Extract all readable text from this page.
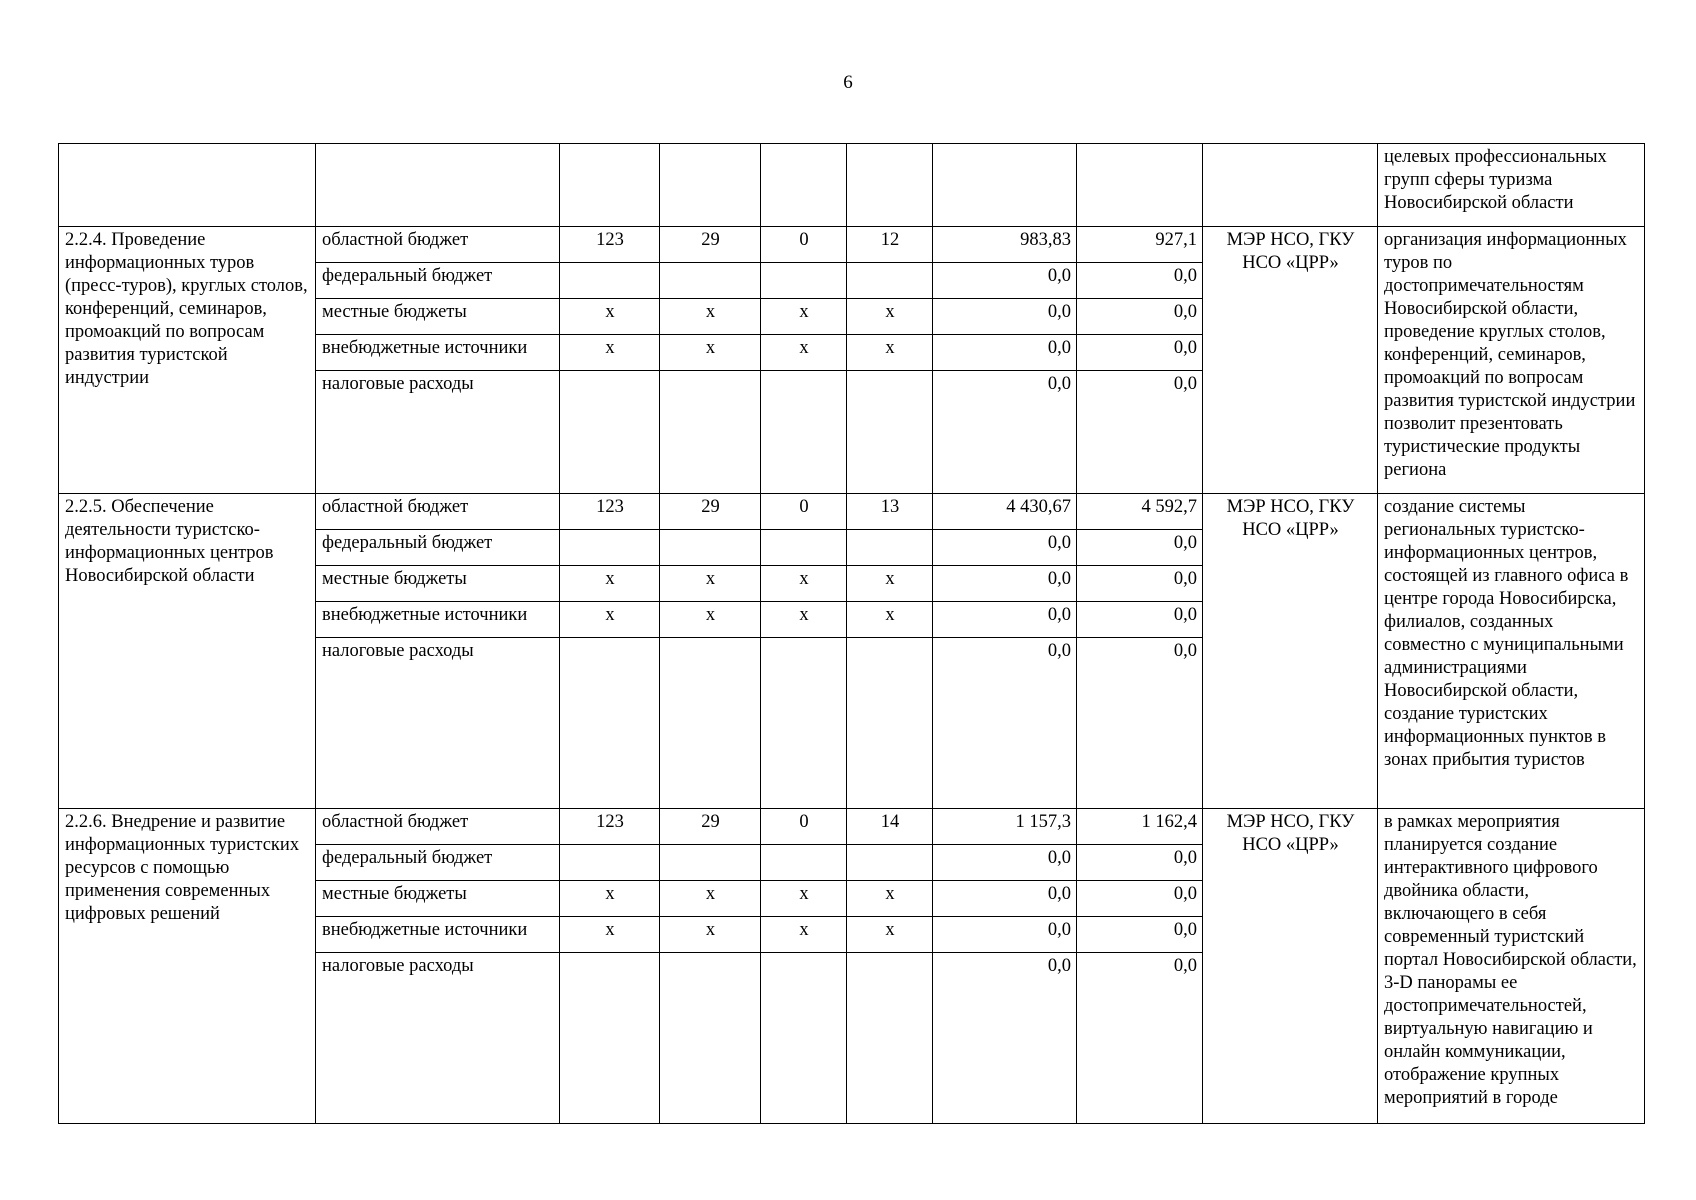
6
									целевых профессиональных групп сферы туризма Новосибирской области
2.2.4. Проведение информационных туров (пресс-туров), круглых столов, конференций, семинаров, промоакций по вопросам развития туристской индустрии	областной бюджет	123	29	0	12	983,83	927,1	МЭР НСО, ГКУ НСО «ЦРР»	организация информационных туров по достопримечательностям Новосибирской области, проведение круглых столов, конференций, семинаров, промоакций по вопросам развития туристской индустрии позволит презентовать туристические продукты региона
	федеральный бюджет					0,0	0,0		
	местные бюджеты	х	х	х	х	0,0	0,0		
	внебюджетные источники	х	х	х	х	0,0	0,0		
	налоговые расходы					0,0	0,0		
2.2.5. Обеспечение деятельности туристско-информационных центров Новосибирской области	областной бюджет	123	29	0	13	4 430,67	4 592,7	МЭР НСО, ГКУ НСО «ЦРР»	создание системы региональных туристско-информационных центров, состоящей из главного офиса в центре города Новосибирска, филиалов, созданных совместно с муниципальными администрациями Новосибирской области, создание туристских информационных пунктов в зонах прибытия туристов
	федеральный бюджет					0,0	0,0		
	местные бюджеты	х	х	х	х	0,0	0,0		
	внебюджетные источники	х	х	х	х	0,0	0,0		
	налоговые расходы					0,0	0,0		
2.2.6. Внедрение и развитие информационных туристских ресурсов с помощью применения современных цифровых решений	областной бюджет	123	29	0	14	1 157,3	1 162,4	МЭР НСО, ГКУ НСО «ЦРР»	в рамках мероприятия планируется создание интерактивного цифрового двойника области, включающего в себя современный туристский портал Новосибирской области, 3-D панорамы ее достопримечательностей, виртуальную навигацию и онлайн коммуникации, отображение крупных мероприятий в городе
	федеральный бюджет					0,0	0,0		
	местные бюджеты	х	х	х	х	0,0	0,0		
	внебюджетные источники	х	х	х	х	0,0	0,0		
	налоговые расходы					0,0	0,0		
